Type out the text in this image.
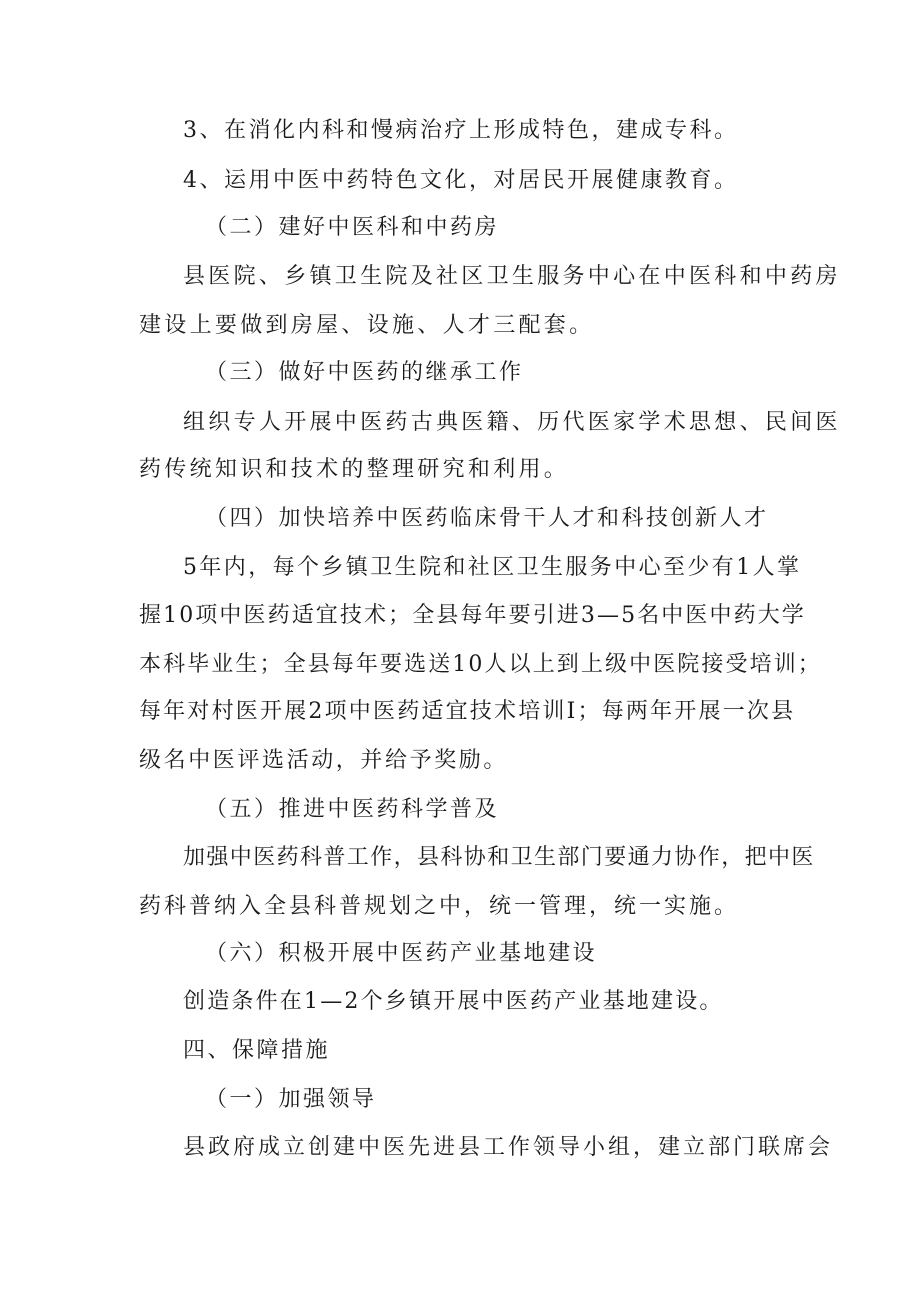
3、在消化内科和慢病治疗上形成特色，建成专科。
4、运用中医中药特色文化，对居民开展健康教育。
（二）建好中医科和中药房
县医院、乡镇卫生院及社区卫生服务中心在中医科和中药房
建设上要做到房屋、设施、人才三配套。
（三）做好中医药的继承工作
组织专人开展中医药古典医籍、历代医家学术思想、民间医
药传统知识和技术的整理研究和利用。
（四）加快培养中医药临床骨干人才和科技创新人才
5年内，每个乡镇卫生院和社区卫生服务中心至少有1人掌
握10项中医药适宜技术；全县每年要引进3—5名中医中药大学
本科毕业生；全县每年要选送10人以上到上级中医院接受培训；
每年对村医开展2项中医药适宜技术培训I；每两年开展一次县
级名中医评选活动，并给予奖励。
（五）推进中医药科学普及
加强中医药科普工作，县科协和卫生部门要通力协作，把中医
药科普纳入全县科普规划之中，统一管理，统一实施。
（六）积极开展中医药产业基地建设
创造条件在1—2个乡镇开展中医药产业基地建设。
四、保障措施
（一）加强领导
县政府成立创建中医先进县工作领导小组，建立部门联席会
